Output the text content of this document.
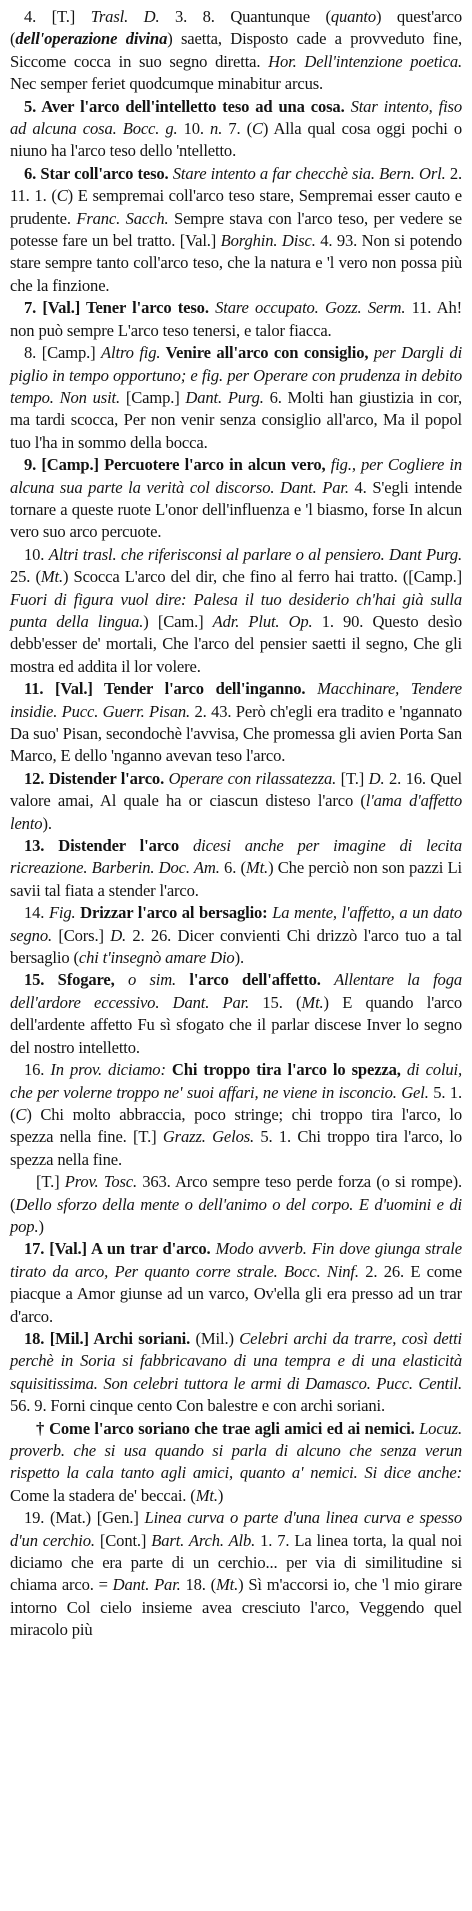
4. [T.] Trasl. D. 3. 8. Quantunque (quanto) quest'arco (dell'operazione divina) saetta, Disposto cade a provveduto fine, Siccome cocca in suo segno diretta. Hor. Dell'intenzione poetica. Nec semper feriet quodcumque minabitur arcus.

5. Aver l'arco dell'intelletto teso ad una cosa. Star intento, fiso ad alcuna cosa. Bocc. g. 10. n. 7. (C) Alla qual cosa oggi pochi o niuno ha l'arco teso dello 'ntelletto.

6. Star coll'arco teso. Stare intento a far checchè sia. Bern. Orl. 2. 11. 1. (C) E sempremai coll'arco teso stare, Sempremai esser cauto e prudente. Franc. Sacch. Sempre stava con l'arco teso, per vedere se potesse fare un bel tratto. [Val.] Borghin. Disc. 4. 93. Non si potendo stare sempre tanto coll'arco teso, che la natura e 'l vero non possa più che la finzione.

7. [Val.] Tener l'arco teso. Stare occupato. Gozz. Serm. 11. Ah! non può sempre L'arco teso tenersi, e talor fiacca.

8. [Camp.] Altro fig. Venire all'arco con consiglio, per Dargli di piglio in tempo opportuno; e fig. per Operare con prudenza in debito tempo. Non usit. [Camp.] Dant. Purg. 6. Molti han giustizia in cor, ma tardi scocca, Per non venir senza consiglio all'arco, Ma il popol tuo l'ha in sommo della bocca.

9. [Camp.] Percuotere l'arco in alcun vero, fig., per Cogliere in alcuna sua parte la verità col discorso. Dant. Par. 4. S'egli intende tornare a queste ruote L'onor dell'influenza e 'l biasmo, forse In alcun vero suo arco percuote.

10. Altri trasl. che riferisconsi al parlare o al pensiero. Dant Purg. 25. (Mt.) Scocca L'arco del dir, che fino al ferro hai tratto. ([Camp.] Fuori di figura vuol dire: Palesa il tuo desiderio ch'hai già sulla punta della lingua.) [Cam.] Adr. Plut. Op. 1. 90. Questo desìo debb'esser de' mortali, Che l'arco del pensier saetti il segno, Che gli mostra ed addita il lor volere.

11. [Val.] Tender l'arco dell'inganno. Macchinare, Tendere insidie. Pucc. Guerr. Pisan. 2. 43. Però ch'egli era tradito e 'ngannato Da suo' Pisan, secondochè l'avvisa, Che promessa gli avien Porta San Marco, E dello 'nganno avevan teso l'arco.

12. Distender l'arco. Operare con rilassatezza. [T.] D. 2. 16. Quel valore amai, Al quale ha or ciascun disteso l'arco (l'ama d'affetto lento).

13. Distender l'arco dicesi anche per imagine di lecita ricreazione. Barberin. Doc. Am. 6. (Mt.) Che perciò non son pazzi Li savii tal fiata a stender l'arco.

14. Fig. Drizzar l'arco al bersaglio: La mente, l'affetto, a un dato segno. [Cors.] D. 2. 26. Dicer convienti Chi drizzò l'arco tuo a tal bersaglio (chi t'insegnò amare Dio).

15. Sfogare, o sim. l'arco dell'affetto. Allentare la foga dell'ardore eccessivo. Dant. Par. 15. (Mt.) E quando l'arco dell'ardente affetto Fu sì sfogato che il parlar discese Inver lo segno del nostro intelletto.

16. In prov. diciamo: Chi troppo tira l'arco lo spezza, di colui, che per volerne troppo ne' suoi affari, ne viene in isconcio. Gel. 5. 1. (C) Chi molto abbraccia, poco stringe; chi troppo tira l'arco, lo spezza nella fine. [T.] Grazz. Gelos. 5. 1. Chi troppo tira l'arco, lo spezza nella fine.

[T.] Prov. Tosc. 363. Arco sempre teso perde forza (o si rompe). (Dello sforzo della mente o dell'animo o del corpo. E d'uomini e di pop.)

17. [Val.] A un trar d'arco. Modo avverb. Fin dove giunga strale tirato da arco, Per quanto corre strale. Bocc. Ninf. 2. 26. E come piacque a Amor giunse ad un varco, Ov'ella gli era presso ad un trar d'arco.

18. [Mil.] Archi soriani. (Mil.) Celebri archi da trarre, così detti perchè in Soria si fabbricavano di una tempra e di una elasticità squisitissima. Son celebri tuttora le armi di Damasco. Pucc. Centil. 56. 9. Forni cinque cento Con balestre e con archi soriani.

† Come l'arco soriano che trae agli amici ed ai nemici. Locuz. proverb. che si usa quando si parla di alcuno che senza verun rispetto la cala tanto agli amici, quanto a' nemici. Si dice anche: Come la stadera de' beccai. (Mt.)

19. (Mat.) [Gen.] Linea curva o parte d'una linea curva e spesso d'un cerchio. [Cont.] Bart. Arch. Alb. 1. 7. La linea torta, la qual noi diciamo che era parte di un cerchio... per via di similitudine si chiama arco. = Dant. Par. 18. (Mt.) Sì m'accorsi io, che 'l mio girare intorno Col cielo insieme avea cresciuto l'arco, Veggendo quel miracolo più
